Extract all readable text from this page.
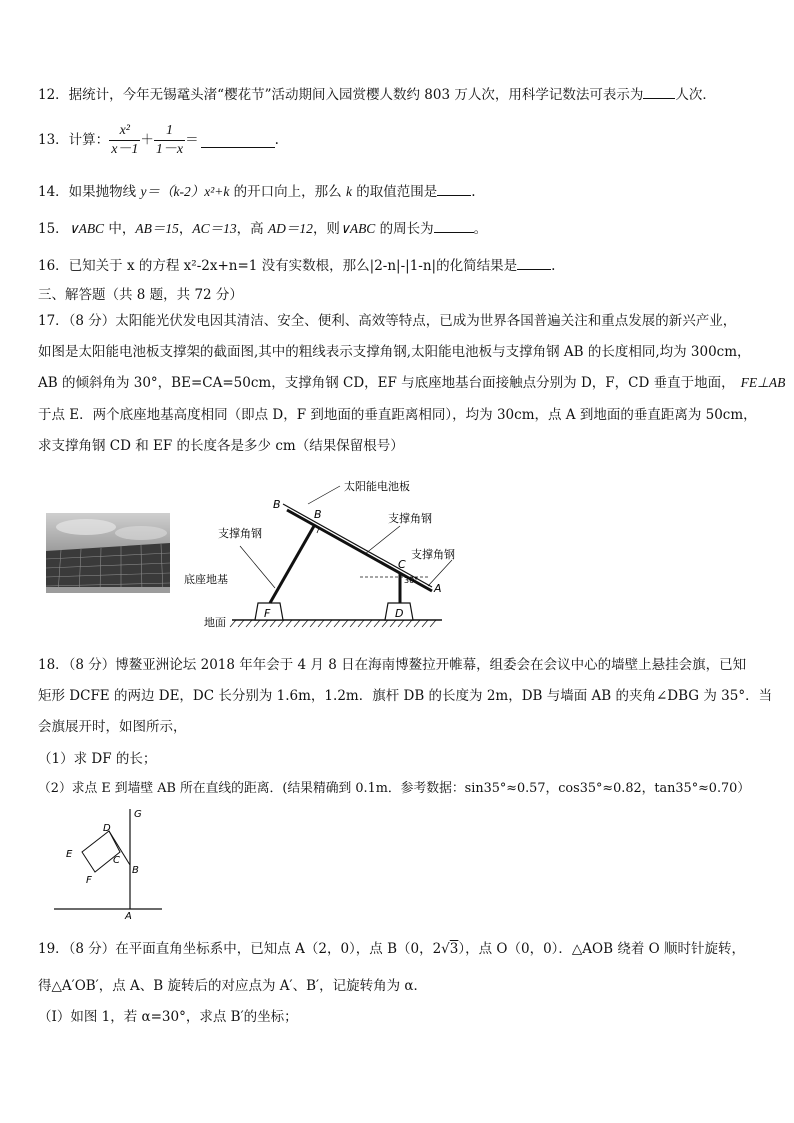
12．据统计，今年无锡鼋头渚“樱花节”活动期间入园赏樱人数约 803 万人次，用科学记数法可表示为 人次．
13．计算： $\frac{\text{x²}}{x-1} + \frac{1}{1-x}$ ＝	.
14．如果抛物线 y＝（k-2）x²+k 的开口向上，那么 k 的取值范围是	.
15．∨ABC 中，AB＝15，AC＝13，高 AD＝12，则∨ABC 的周长为	。
16．已知关于 x 的方程 x²-2x+n=1 没有实数根，那么|2-n|-|1-n|的化简结果是	.
三、解答题（共 8 题，共 72 分）
17．（8 分）太阳能光伏发电因其清洁、安全、便利、高效等特点，已成为世界各国普遍关注和重点发展的新兴产业，
如图是太阳能电池板支撑架的截面图,其中的粗线表示支撑角钢,太阳能电池板与支撑角钢 AB 的长度相同,均为 300cm，
AB 的倾斜角为 30°，BE=CA=50cm，支撑角钢 CD，EF 与底座地基台面接触点分别为 D，F，CD 垂直于地面， FE⊥AB
于点 E．两个底座地基高度相同（即点 D，F 到地面的垂直距离相同），均为 30cm，点 A 到地面的垂直距离为 50cm，
求支撑角钢 CD 和 EF 的长度各是多少 cm（结果保留根号）
太阳能电池板
支撑角钢
支撑角钢
支撑角钢
底座地基
地面
30°
B
B
C
A
D
F
18．（8 分）博鳌亚洲论坛 2018 年年会于 4 月 8 日在海南博鳌拉开帷幕，组委会在会议中心的墙壁上悬挂会旗，已知
矩形 DCFE 的两边 DE，DC 长分别为 1.6m，1.2m．旗杆 DB 的长度为 2m，DB 与墙面 AB 的夹角∠DBG 为 35°．当
会旗展开时，如图所示，
（1）求 DF 的长；
（2）求点 E 到墙壁 AB 所在直线的距离．(结果精确到 0.1m．参考数据：sin35°≈0.57，cos35°≈0.82，tan35°≈0.70）
G
D
E
C
B
F
A
19．（8 分）在平面直角坐标系中，已知点 A（2，0），点 B（0，2√3），点 O（0，0）．△AOB 绕着 O 顺时针旋转，
得△A′OB′，点 A、B 旋转后的对应点为 A′、B′，记旋转角为 α．
（I）如图 1，若 α=30°，求点 B′的坐标；
